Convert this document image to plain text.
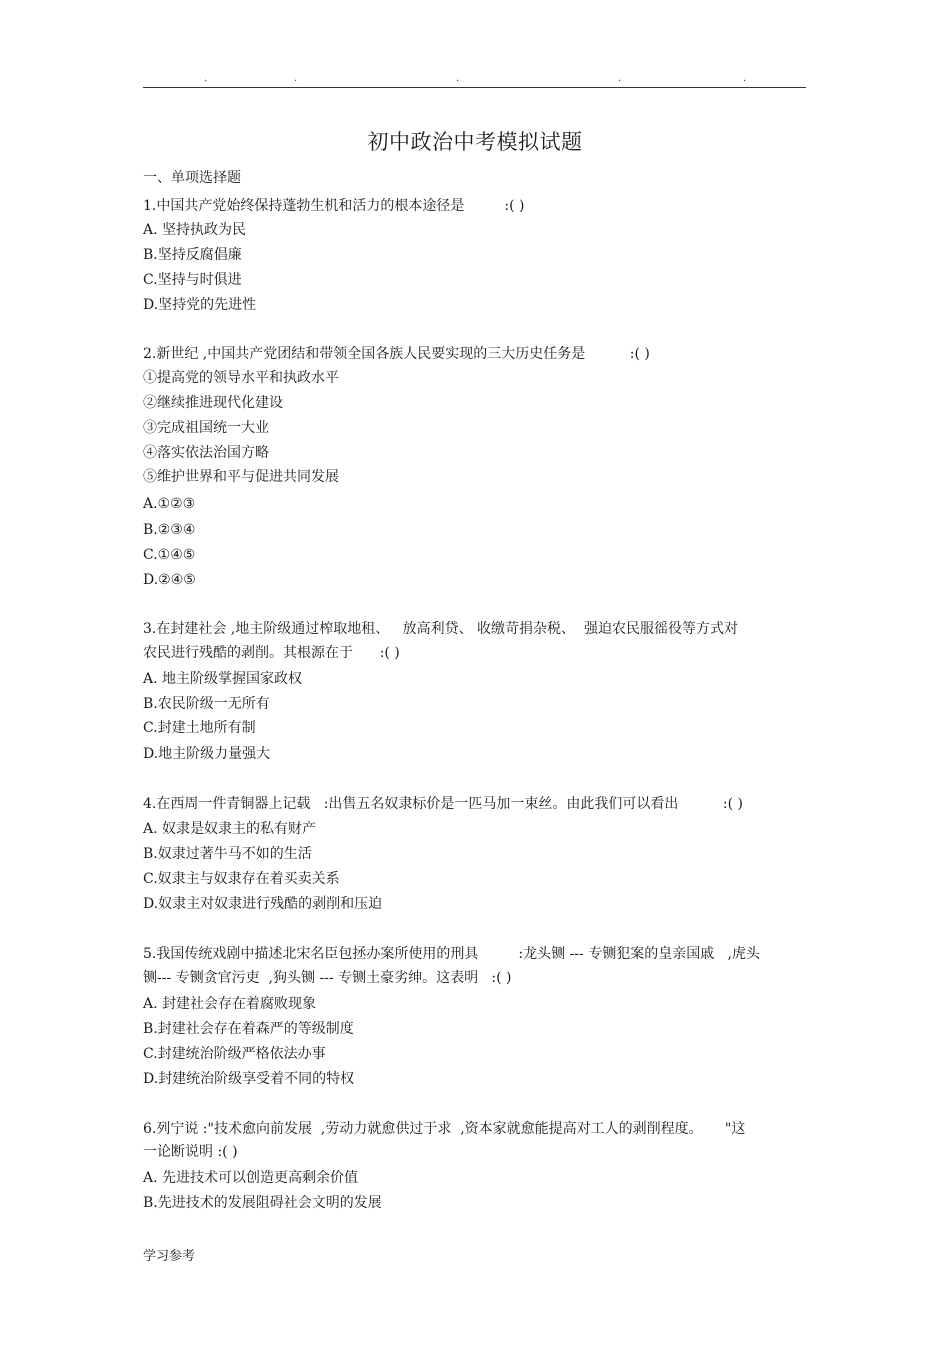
.	.	.	.	.
初中政治中考模拟试题
一、单项选择题
1.中国共产党始终保持蓬勃生机和活力的根本途径是         :( )
A. 坚持执政为民
B.坚持反腐倡廉
C.坚持与时俱进
D.坚持党的先进性
2.新世纪 ,中国共产党团结和带领全国各族人民要实现的三大历史任务是          :( )
①提高党的领导水平和执政水平
②继续推进现代化建设
③完成祖国统一大业
④落实依法治国方略
⑤维护世界和平与促进共同发展
A.①②③
B.②③④
C.①④⑤
D.②④⑤
3.在封建社会 ,地主阶级通过榨取地租、   放高利贷、 收缴苛捐杂税、  强迫农民服徭役等方式对
农民进行残酷的剥削。其根源在于      :( )
A. 地主阶级掌握国家政权
B.农民阶级一无所有
C.封建土地所有制
D.地主阶级力量强大
4.在西周一件青铜器上记载   :出售五名奴隶标价是一匹马加一束丝。由此我们可以看出          :( )
A. 奴隶是奴隶主的私有财产
B.奴隶过著牛马不如的生活
C.奴隶主与奴隶存在着买卖关系
D.奴隶主对奴隶进行残酷的剥削和压迫
5.我国传统戏剧中描述北宋名臣包拯办案所使用的刑具         :龙头铡 --- 专铡犯案的皇亲国戚   ,虎头
铡--- 专铡贪官污吏  ,狗头铡 --- 专铡土豪劣绅。这表明   :( )
A. 封建社会存在着腐败现象
B.封建社会存在着森严的等级制度
C.封建统治阶级严格依法办事
D.封建统治阶级享受着不同的特权
6.列宁说 :"技术愈向前发展  ,劳动力就愈供过于求  ,资本家就愈能提高对工人的剥削程度。     "这
一论断说明 :( )
A. 先进技术可以创造更高剩余价值
B.先进技术的发展阻碍社会文明的发展
学习参考
